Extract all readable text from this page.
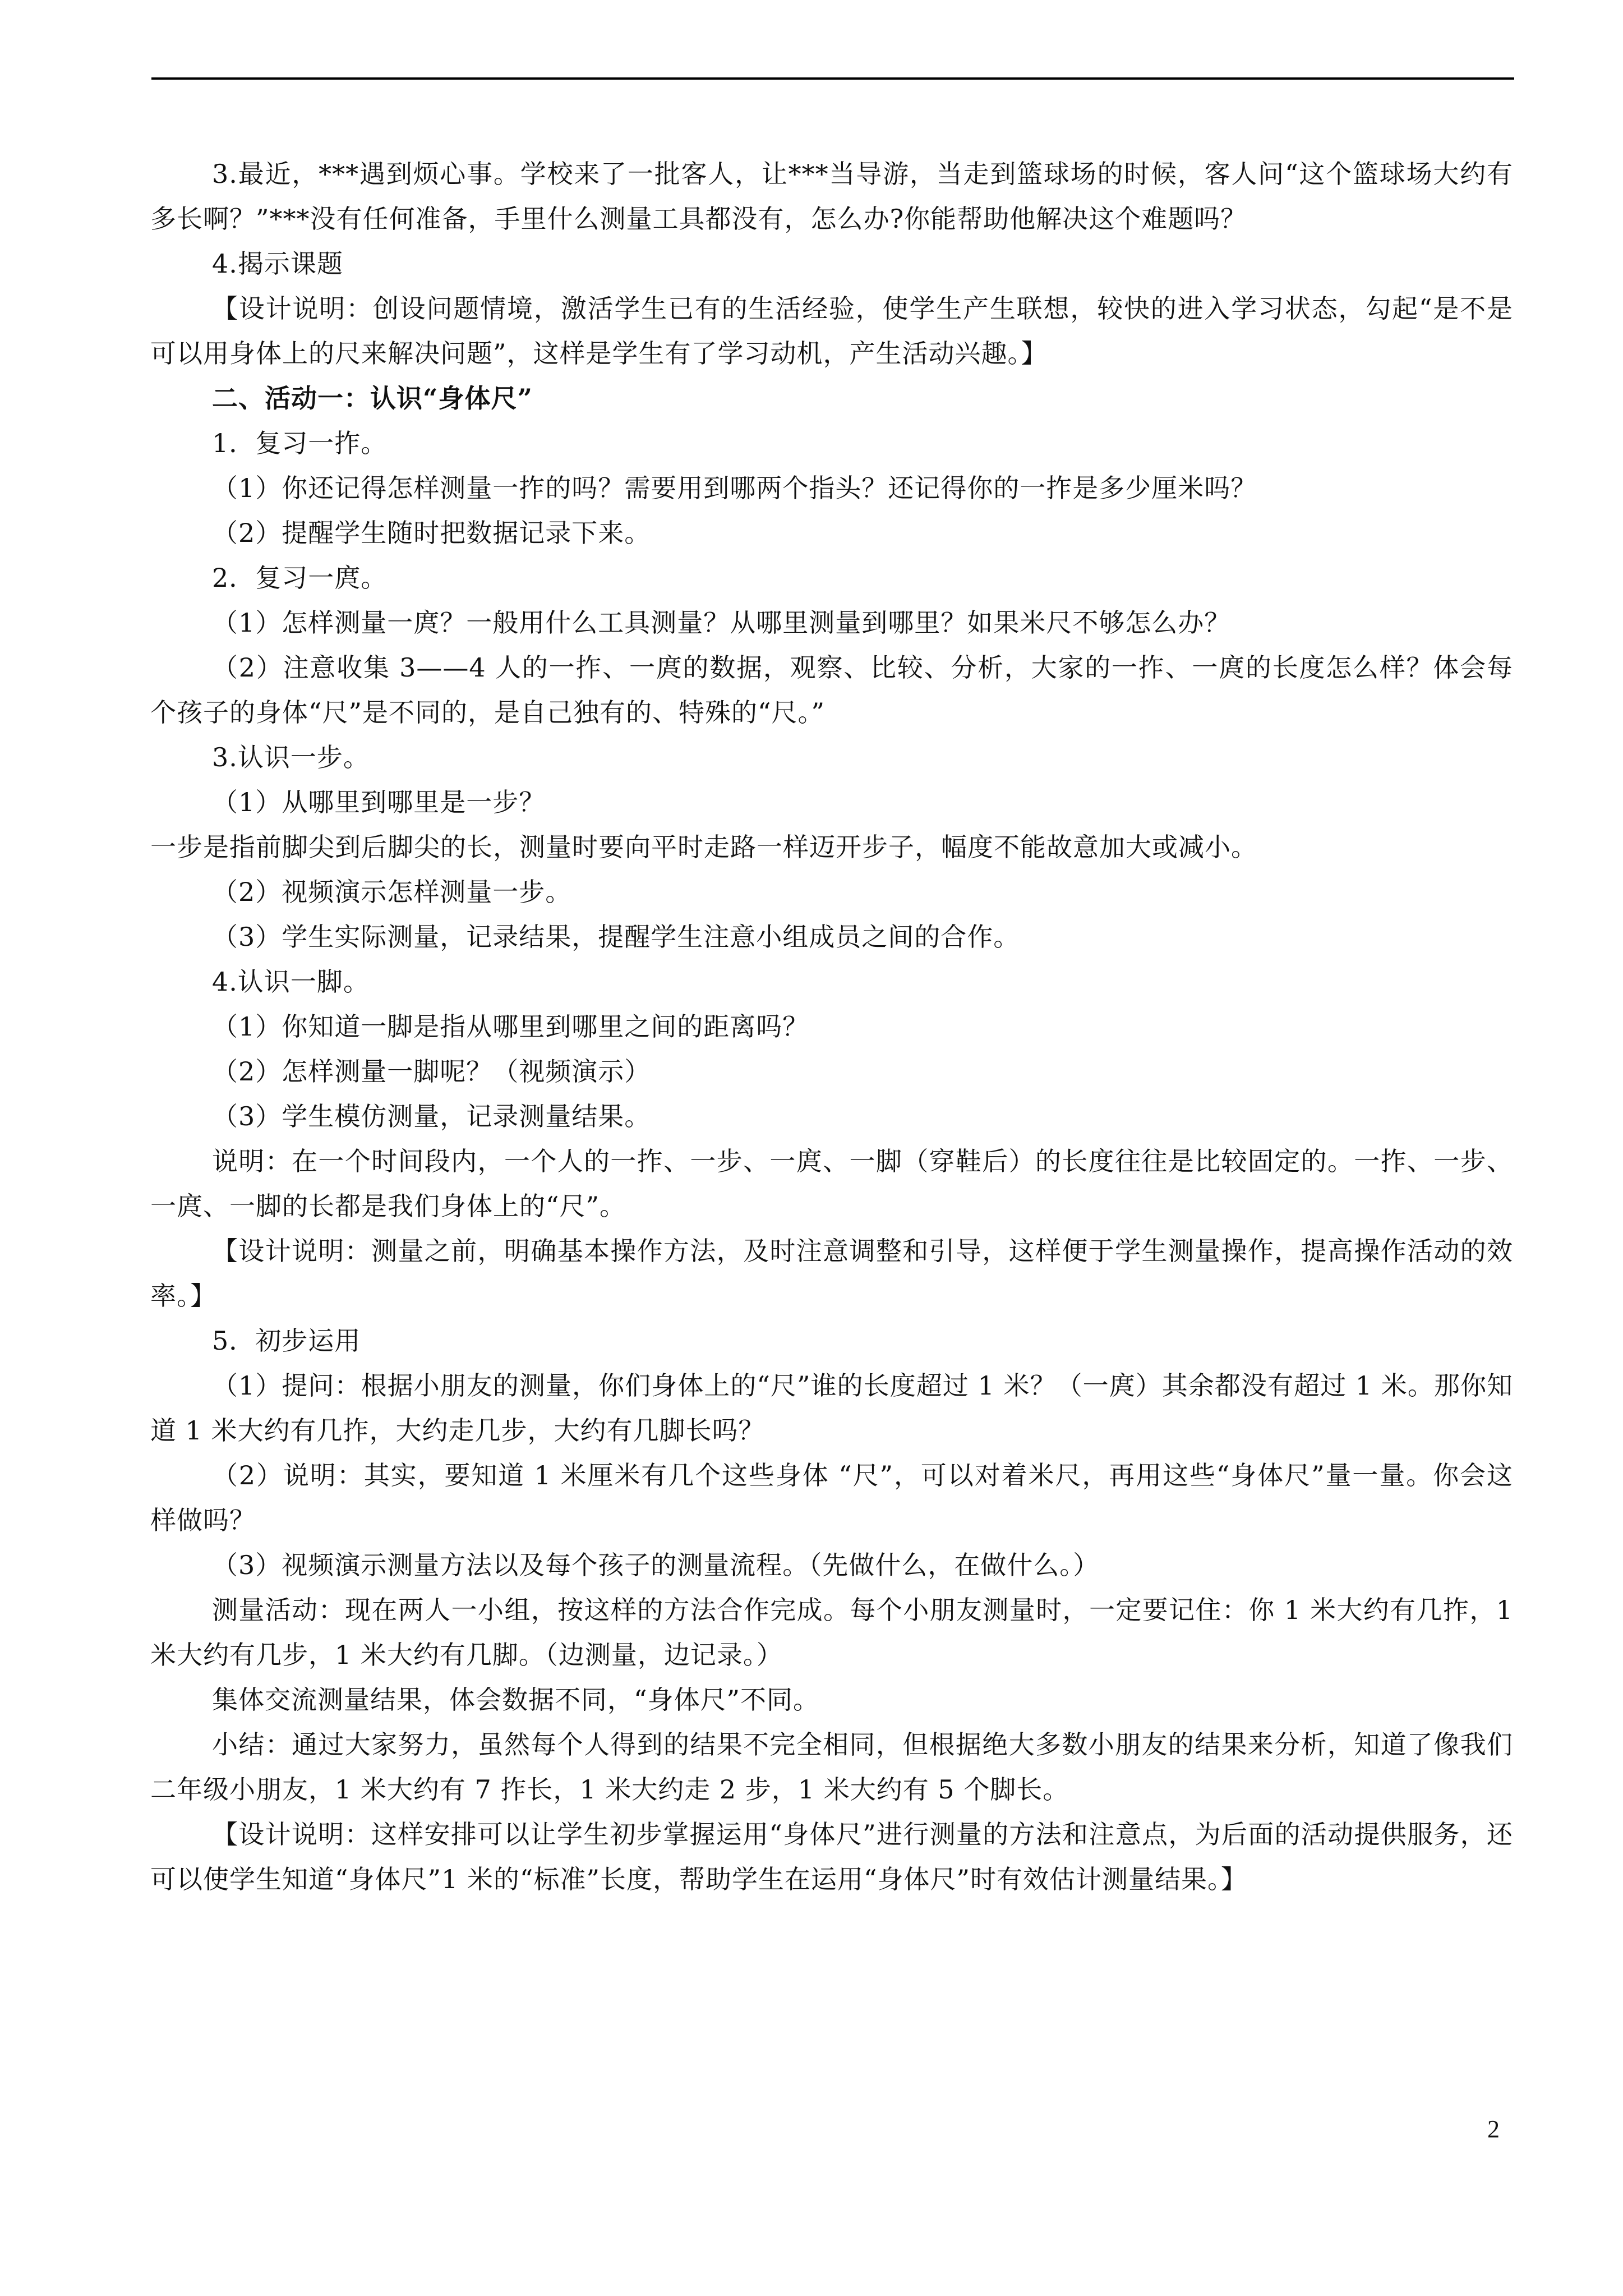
3.最近，***遇到烦心事。学校来了一批客人，让***当导游，当走到篮球场的时候，客人问“这个篮球场大约有多长啊？”***没有任何准备，手里什么测量工具都没有，怎么办?你能帮助他解决这个难题吗？

4.揭示课题

【设计说明：创设问题情境，激活学生已有的生活经验，使学生产生联想，较快的进入学习状态，勾起“是不是可以用身体上的尺来解决问题”，这样是学生有了学习动机，产生活动兴趣。】

二、活动一：认识“身体尺”

1．复习一拃。

（1）你还记得怎样测量一拃的吗？需要用到哪两个指头？还记得你的一拃是多少厘米吗？

（2）提醒学生随时把数据记录下来。

2．复习一庹。

（1）怎样测量一庹？一般用什么工具测量？从哪里测量到哪里？如果米尺不够怎么办？

（2）注意收集 3——4 人的一拃、一庹的数据，观察、比较、分析，大家的一拃、一庹的长度怎么样？体会每个孩子的身体“尺”是不同的，是自己独有的、特殊的“尺。”

3.认识一步。

（1）从哪里到哪里是一步？

一步是指前脚尖到后脚尖的长，测量时要向平时走路一样迈开步子，幅度不能故意加大或减小。

（2）视频演示怎样测量一步。

（3）学生实际测量，记录结果，提醒学生注意小组成员之间的合作。

4.认识一脚。

（1）你知道一脚是指从哪里到哪里之间的距离吗？

（2）怎样测量一脚呢？（视频演示）

（3）学生模仿测量，记录测量结果。

说明：在一个时间段内，一个人的一拃、一步、一庹、一脚（穿鞋后）的长度往往是比较固定的。一拃、一步、一庹、一脚的长都是我们身体上的“尺”。

【设计说明：测量之前，明确基本操作方法，及时注意调整和引导，这样便于学生测量操作，提高操作活动的效率。】

5．初步运用

（1）提问：根据小朋友的测量，你们身体上的“尺”谁的长度超过 1 米？（一庹）其余都没有超过 1 米。那你知道 1 米大约有几拃，大约走几步，大约有几脚长吗？

（2）说明：其实，要知道 1 米厘米有几个这些身体 “尺”，可以对着米尺，再用这些“身体尺”量一量。你会这样做吗？

（3）视频演示测量方法以及每个孩子的测量流程。（先做什么，在做什么。）

测量活动：现在两人一小组，按这样的方法合作完成。每个小朋友测量时，一定要记住：你 1 米大约有几拃，1 米大约有几步，1 米大约有几脚。（边测量，边记录。）

集体交流测量结果，体会数据不同，“身体尺”不同。

小结：通过大家努力，虽然每个人得到的结果不完全相同，但根据绝大多数小朋友的结果来分析，知道了像我们二年级小朋友，1 米大约有 7 拃长，1 米大约走 2 步，1 米大约有 5 个脚长。

【设计说明：这样安排可以让学生初步掌握运用“身体尺”进行测量的方法和注意点，为后面的活动提供服务，还可以使学生知道“身体尺”1 米的“标准”长度，帮助学生在运用“身体尺”时有效估计测量结果。】

2
